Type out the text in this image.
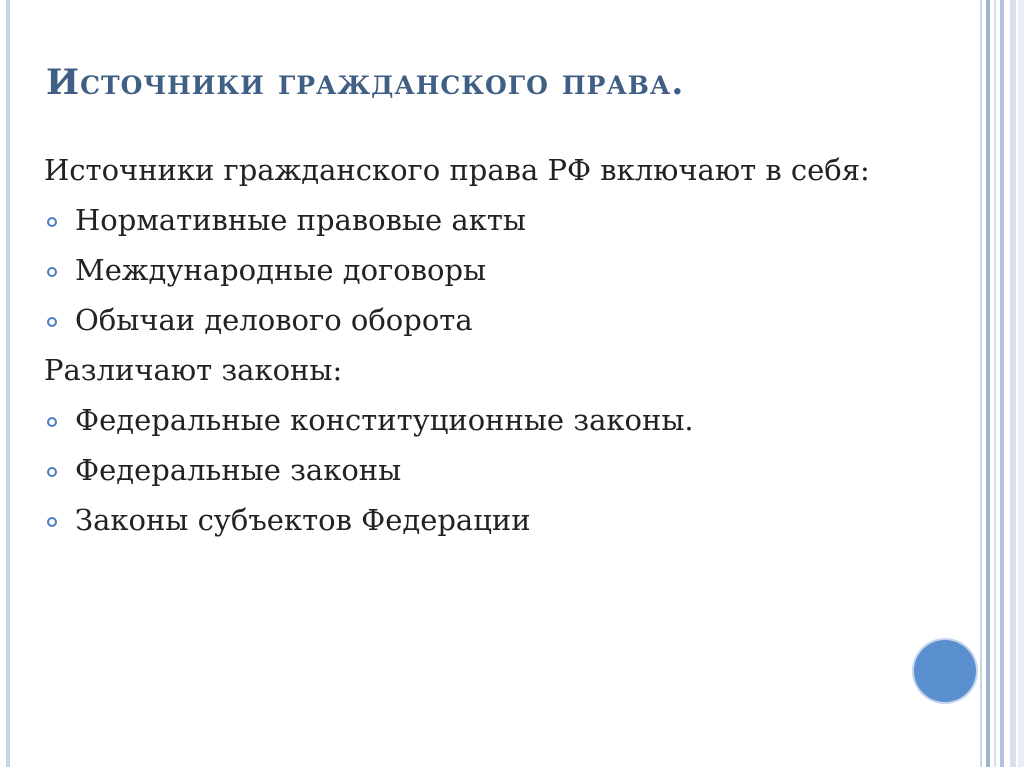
Источники гражданского права.

Источники гражданского права РФ включают в себя:

Нормативные правовые акты
Международные договоры
Обычаи делового оборота

Различают законы:

Федеральные конституционные законы.
Федеральные законы
Законы субъектов Федерации
